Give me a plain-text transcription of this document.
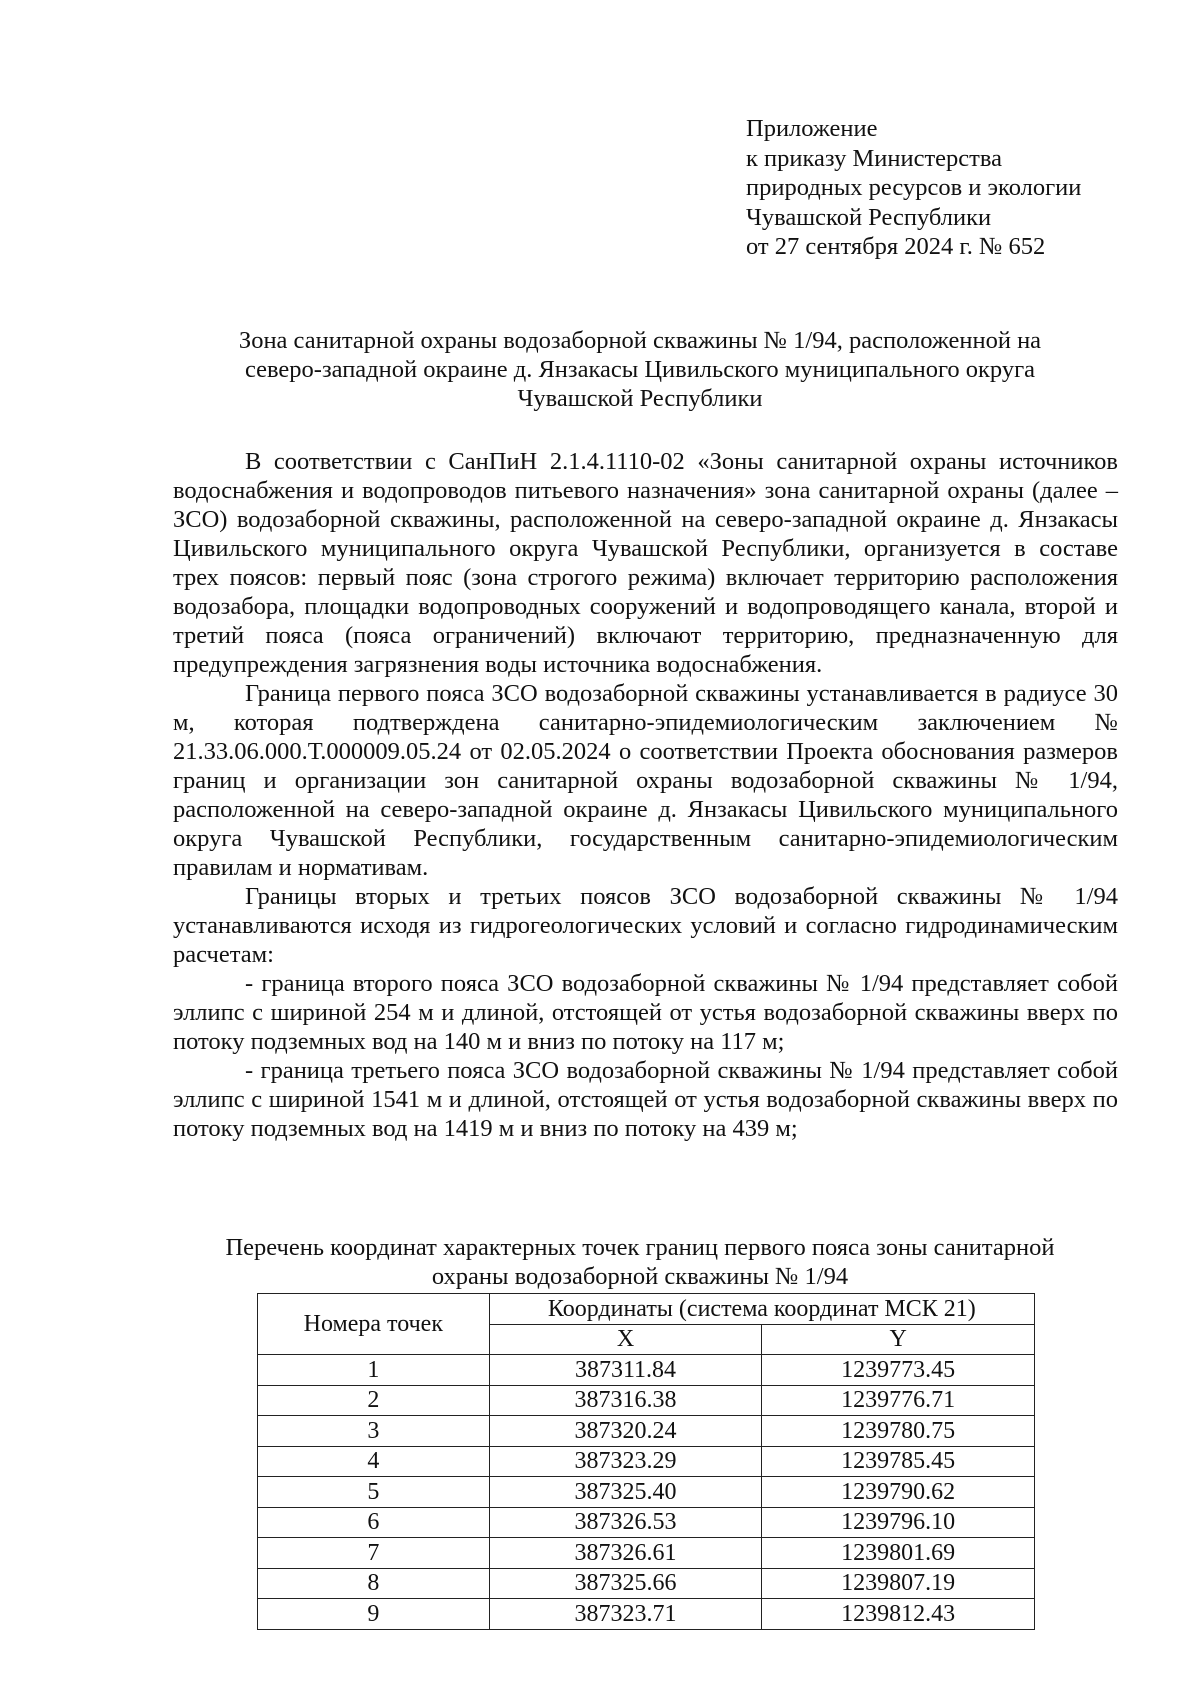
Приложение
к приказу Министерства
природных ресурсов и экологии
Чувашской Республики
от 27 сентября 2024 г. № 652
Зона санитарной охраны водозаборной скважины № 1/94, расположенной на
северо-западной окраине д. Янзакасы Цивильского муниципального округа
Чувашской Республики

В соответствии с СанПиН 2.1.4.1110-02 «Зоны санитарной охраны источников водоснабжения и водопроводов питьевого назначения» зона санитарной охраны (далее – ЗСО) водозаборной скважины, расположенной на северо-западной окраине д. Янзакасы Цивильского муниципального округа Чувашской Республики, организуется в составе трех поясов: первый пояс (зона строгого режима) включает территорию расположения водозабора, площадки водопроводных сооружений и водопроводящего канала, второй и третий пояса (пояса ограничений) включают территорию, предназначенную для предупреждения загрязнения воды источника водоснабжения.

Граница первого пояса ЗСО водозаборной скважины устанавливается в радиусе 30 м, которая подтверждена санитарно-эпидемиологическим заключением № 21.33.06.000.Т.000009.05.24 от 02.05.2024 о соответствии Проекта обоснования размеров границ и организации зон санитарной охраны водозаборной скважины № 1/94, расположенной на северо-западной окраине д. Янзакасы Цивильского муниципального округа Чувашской Республики, государственным санитарно-эпидемиологическим правилам и нормативам.

Границы вторых и третьих поясов ЗСО водозаборной скважины № 1/94 устанавливаются исходя из гидрогеологических условий и согласно гидродинамическим расчетам:

- граница второго пояса ЗСО водозаборной скважины № 1/94 представляет собой эллипс с шириной 254 м и длиной, отстоящей от устья водозаборной скважины вверх по потоку подземных вод на 140 м и вниз по потоку на 117 м;

- граница третьего пояса ЗСО водозаборной скважины № 1/94 представляет собой эллипс с шириной 1541 м и длиной, отстоящей от устья водозаборной скважины вверх по потоку подземных вод на 1419 м и вниз по потоку на 439 м;

Перечень координат характерных точек границ первого пояса зоны санитарной
охраны водозаборной скважины № 1/94
Номера точек	Координаты (система координат МСК 21)	
	X	Y
1	387311.84	1239773.45
2	387316.38	1239776.71
3	387320.24	1239780.75
4	387323.29	1239785.45
5	387325.40	1239790.62
6	387326.53	1239796.10
7	387326.61	1239801.69
8	387325.66	1239807.19
9	387323.71	1239812.43
